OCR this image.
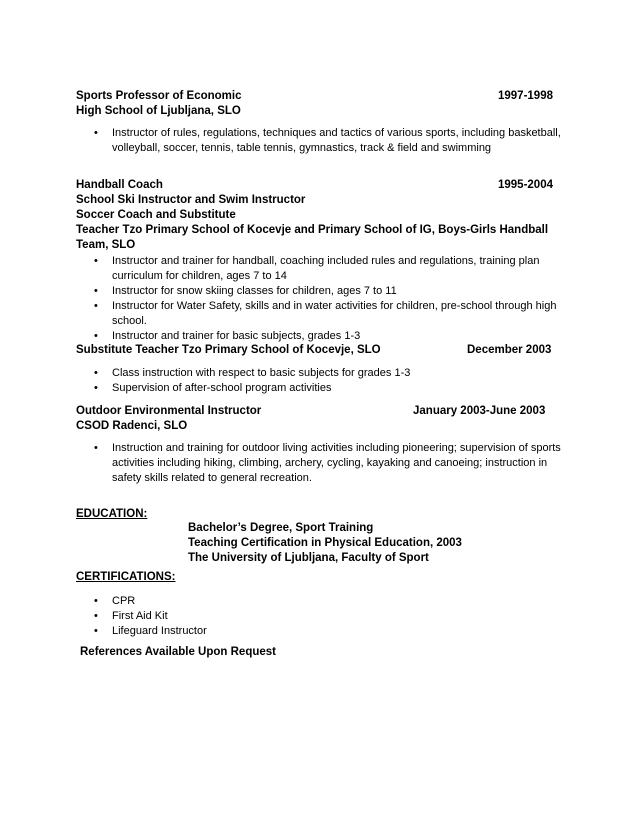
Sports Professor of Economic	1997-1998
High School of Ljubljana, SLO
• Instructor of rules, regulations, techniques and tactics of various sports, including basketball, volleyball, soccer, tennis, table tennis, gymnastics, track & field and swimming
Handball Coach	1995-2004
School Ski Instructor and Swim Instructor
Soccer Coach and Substitute
Teacher Tzo Primary School of Kocevje and Primary School of IG, Boys-Girls Handball
Team, SLO
• Instructor and trainer for handball, coaching included rules and regulations, training plan curriculum for children, ages 7 to 14
• Instructor for snow skiing classes for children, ages 7 to 11
• Instructor for Water Safety, skills and in water activities for children, pre-school through high school.
• Instructor and trainer for basic subjects, grades 1-3
Substitute Teacher Tzo Primary School of Kocevje, SLO	December 2003
• Class instruction with respect to basic subjects for grades 1-3
• Supervision of after-school program activities
Outdoor Environmental Instructor	January 2003-June 2003
CSOD Radenci, SLO
• Instruction and training for outdoor living activities including pioneering; supervision of sports activities including hiking, climbing, archery, cycling, kayaking and canoeing; instruction in safety skills related to general recreation.
EDUCATION:
Bachelor’s Degree, Sport Training
Teaching Certification in Physical Education, 2003
The University of Ljubljana, Faculty of Sport
CERTIFICATIONS:
• CPR
• First Aid Kit
• Lifeguard Instructor
References Available Upon Request
